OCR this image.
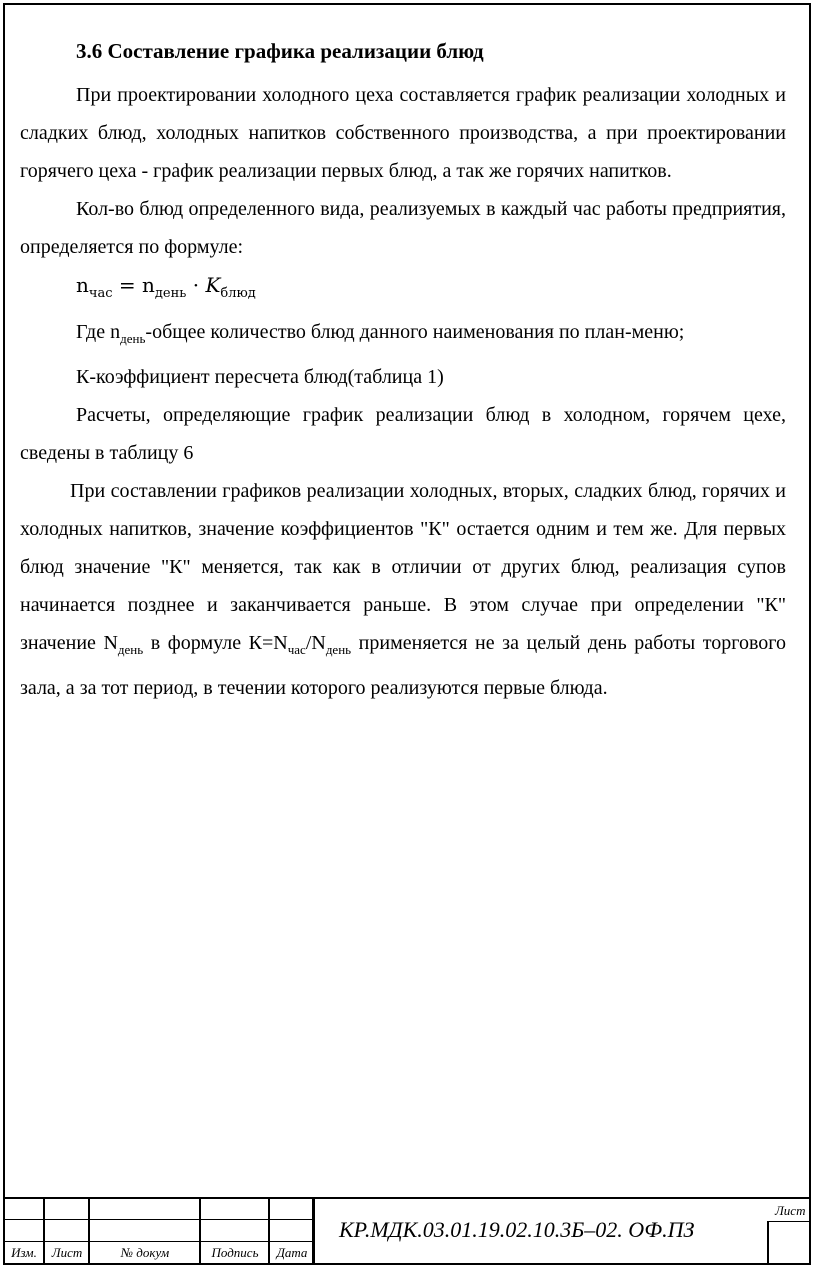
3.6 Составление графика реализации блюд

При проектировании холодного цеха составляется график реализации холодных и сладких блюд, холодных напитков собственного производства, а при проектировании горячего цеха - график реализации первых блюд, а так же горячих напитков.

Кол-во блюд определенного вида, реализуемых в каждый час работы предприятия, определяется по формуле:

$n_{час} = n_{день} \cdot K_{блюд}$

Где $n_{день}$-общее количество блюд данного наименования по план-меню;

К-коэффициент пересчета блюд(таблица 1)

Расчеты, определяющие график реализации блюд в холодном, горячем цехе, сведены в таблицу 6

При составлении графиков реализации холодных, вторых, сладких блюд, горячих и холодных напитков, значение коэффициентов "К" остается одним и тем же. Для первых блюд значение "К" меняется, так как в отличии от других блюд, реализация супов начинается позднее и заканчивается раньше. В этом случае при определении "К" значение $N_{день}$ в формуле $К=N_{час}/N_{день}$ применяется не за целый день работы торгового зала, а за тот период, в течении которого реализуются первые блюда.

Изм.	Лист	№ докум	Подпись	Дата
КР.МДК.03.01.19.02.10.3Б–02. ОФ.ПЗ
Лист
